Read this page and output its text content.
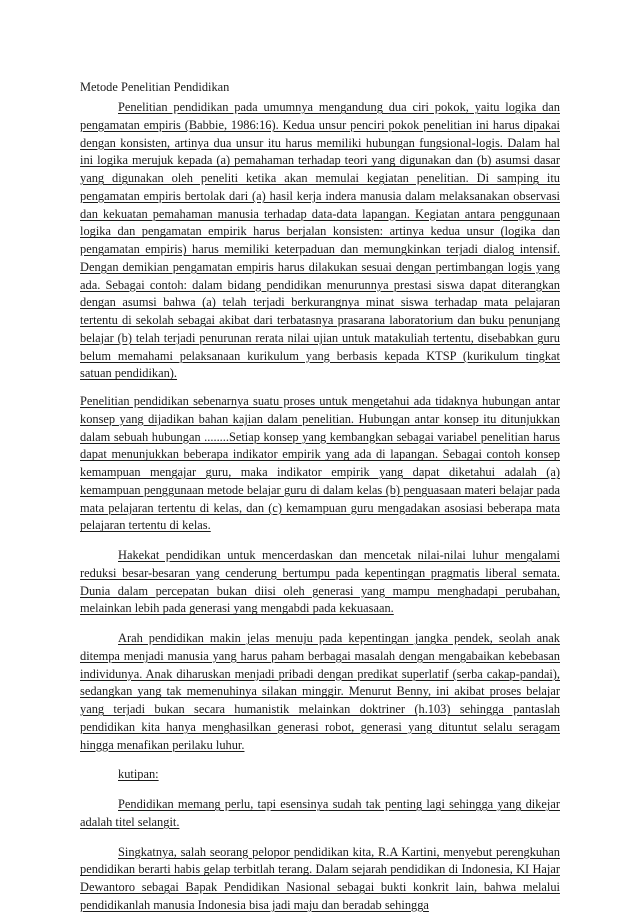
Metode Penelitian Pendidikan

Penelitian pendidikan pada umumnya mengandung dua ciri pokok, yaitu logika dan pengamatan empiris (Babbie, 1986:16). Kedua unsur penciri pokok penelitian ini harus dipakai dengan konsisten, artinya dua unsur itu harus memiliki hubungan fungsional-logis. Dalam hal ini logika merujuk kepada (a) pemahaman terhadap teori yang digunakan dan (b) asumsi dasar yang digunakan oleh peneliti ketika akan memulai kegiatan penelitian. Di samping itu pengamatan empiris bertolak dari (a) hasil kerja indera manusia dalam melaksanakan observasi dan kekuatan pemahaman manusia terhadap data-data lapangan. Kegiatan antara penggunaan logika dan pengamatan empirik harus berjalan konsisten: artinya kedua unsur (logika dan pengamatan empiris) harus memiliki keterpaduan dan memungkinkan terjadi dialog intensif. Dengan demikian pengamatan empiris harus dilakukan sesuai dengan pertimbangan logis yang ada. Sebagai contoh: dalam bidang pendidikan menurunnya prestasi siswa dapat diterangkan dengan asumsi bahwa (a) telah terjadi berkurangnya minat siswa terhadap mata pelajaran tertentu di sekolah sebagai akibat dari terbatasnya prasarana laboratorium dan buku penunjang belajar (b) telah terjadi penurunan rerata nilai ujian untuk matakuliah tertentu, disebabkan guru belum memahami pelaksanaan kurikulum yang berbasis kepada KTSP (kurikulum tingkat satuan pendidikan).

Penelitian pendidikan sebenarnya suatu proses untuk mengetahui ada tidaknya hubungan antar konsep yang dijadikan bahan kajian dalam penelitian. Hubungan antar konsep itu ditunjukkan dalam sebuah hubungan ........Setiap konsep yang kembangkan sebagai variabel penelitian harus dapat menunjukkan beberapa indikator empirik yang ada di lapangan. Sebagai contoh konsep kemampuan mengajar guru, maka indikator empirik yang dapat diketahui adalah (a) kemampuan penggunaan metode belajar guru di dalam kelas (b) penguasaan materi belajar pada mata pelajaran tertentu di kelas, dan (c) kemampuan guru mengadakan asosiasi beberapa mata pelajaran tertentu di kelas.

Hakekat pendidikan untuk mencerdaskan dan mencetak nilai-nilai luhur mengalami reduksi besar-besaran yang cenderung bertumpu pada kepentingan pragmatis liberal semata. Dunia dalam percepatan bukan diisi oleh generasi yang mampu menghadapi perubahan, melainkan lebih pada generasi yang mengabdi pada kekuasaan.

Arah pendidikan makin jelas menuju pada kepentingan jangka pendek, seolah anak ditempa menjadi manusia yang harus paham berbagai masalah dengan mengabaikan kebebasan individunya. Anak diharuskan menjadi pribadi dengan predikat superlatif (serba cakap-pandai), sedangkan yang tak memenuhinya silakan minggir. Menurut Benny, ini akibat proses belajar yang terjadi bukan secara humanistik melainkan doktriner (h.103) sehingga pantaslah pendidikan kita hanya menghasilkan generasi robot, generasi yang dituntut selalu seragam hingga menafikan perilaku luhur.

kutipan:

Pendidikan memang perlu, tapi esensinya sudah tak penting lagi sehingga yang dikejar adalah titel selangit.

Singkatnya, salah seorang pelopor pendidikan kita, R.A Kartini, menyebut perengkuhan pendidikan berarti habis gelap terbitlah terang. Dalam sejarah pendidikan di Indonesia, KI Hajar Dewantoro sebagai Bapak Pendidikan Nasional sebagai bukti konkrit lain, bahwa melalui pendidikanlah manusia Indonesia bisa jadi maju dan beradab sehingga
